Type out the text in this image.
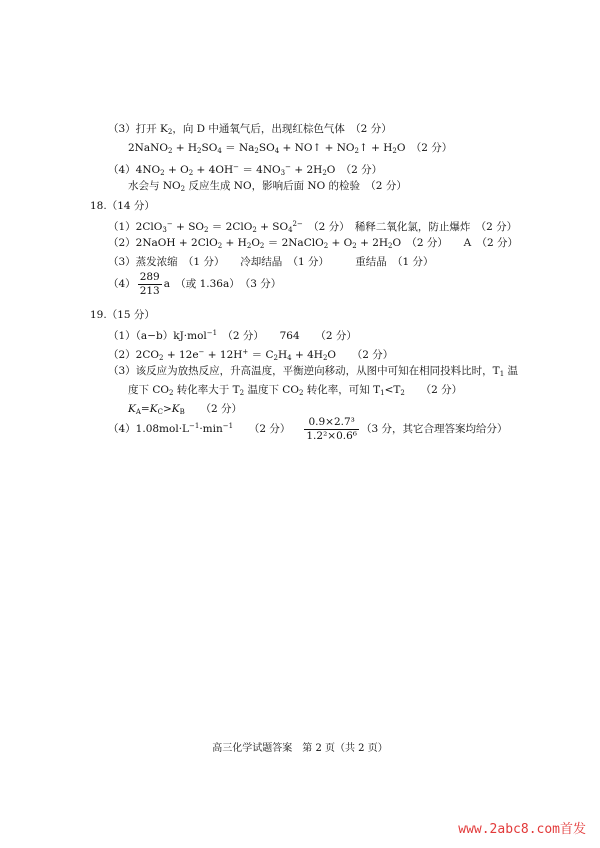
（3）打开 $K_2$，向 D 中通氧气后，出现红棕色气体　（2 分）
2NaNO$_2$ + $H_2SO_4 = Na_2SO_4$ + NO↑ + $NO_2↑ + H_2O$　（2 分）
$(4)4NO_2 + O_2 + 4OH^- = 4NO_3^- + 2H_2O$　（2 分）
水会与 $NO_2$ 反应生成 NO，影响后面 NO 的检验　（2 分）
18.（14 分）
$(1)2ClO_3^- + SO_2 = 2ClO_2 + SO_4^{2-}$　（2 分）　稀释二氧化氯，防止爆炸　（2 分）
（2）2NaOH + $2ClO_2 + H_2O_2$ ＝ 2NaClO$_2$ + $O_2 + 2H_2O$　（2 分）　　A　（2 分）
（3）蒸发浓缩　（1 分）　　冷却结晶　（1 分）　　　重结晶　（1 分）
$(4) \frac{289}{213}$ a　（或 1.36a）　（3 分）
19.（15 分）
（1）（a−b）kJ·mol$^{-1}$　（2 分）　　764　　（2 分）
$(2)2CO_2 + 12e^- + 12H^+ = C_2H_4 + 4H_2O$　　（2 分）
（3）该反应为放热反应，升高温度，平衡逆向移动，从图中可知在相同投料比时，$T_1$ 温
度下 $CO_2$ 转化率大于 $T_2$ 温度下 $CO_2$ 转化率，可知 $T_1<T_2$　　（2 分）
$K_A=K_C>K_B$　　（2 分）
$(4)1.08mol\cdot L^{-1}\cdot\min^{-1}$　　（2 分） $\frac{\text{0.9×2.7³}}{\text{1.2²×0.6⁶}} (3$ 分，其它合理答案均给分）
高三化学试题答案　第 2 页（共 2 页）
www.2abc8.com首发
